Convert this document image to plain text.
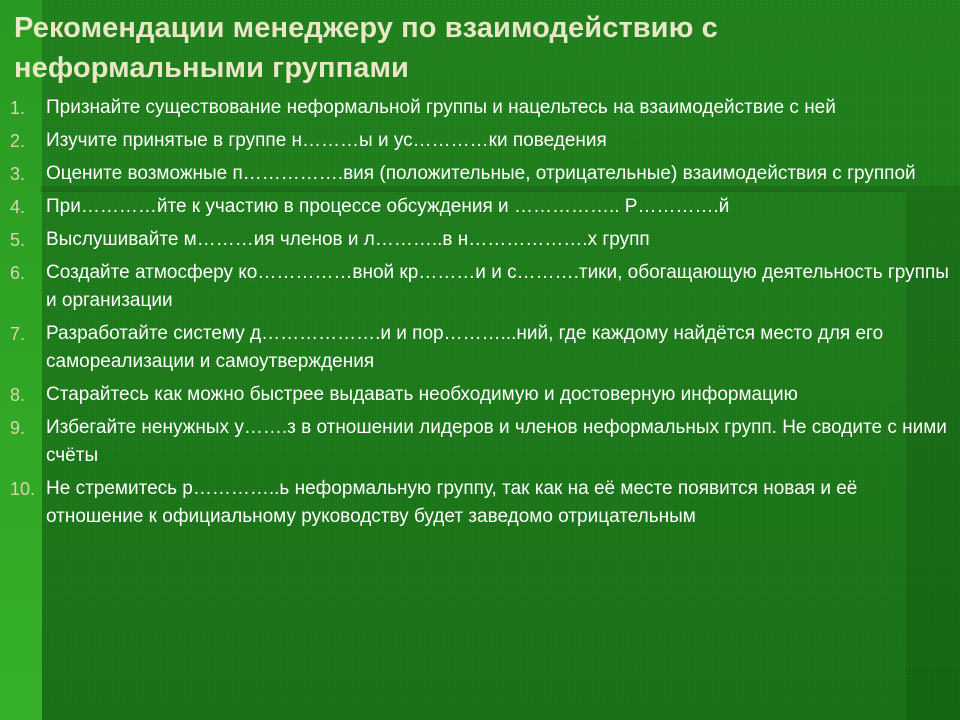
Рекомендации менеджеру по взаимодействию с неформальными группами
1.	Признайте существование неформальной группы и нацельтесь на взаимодействие с ней
2.	Изучите принятые в группе н………ы и ус…………ки поведения
3.	Оцените возможные п…………….вия (положительные, отрицательные) взаимодействия с группой
4.	При…………йте к участию в процессе обсуждения и …………….. Р………….й
5.	Выслушивайте м………ия членов и л………..в н……………….х групп
6.	Создайте атмосферу ко……………вной кр………и и с……….тики, обогащающую деятельность группы и организации
7.	Разработайте систему д……………….и и пор………...ний, где каждому найдётся место для его самореализации и самоутверждения
8.	Старайтесь как можно быстрее выдавать необходимую и достоверную информацию
9.	Избегайте ненужных у…….з в отношении лидеров и членов неформальных групп. Не сводите с ними счёты
10. Не стремитесь р…………..ь неформальную группу, так как на её месте появится новая и её отношение к официальному руководству будет заведомо отрицательным
